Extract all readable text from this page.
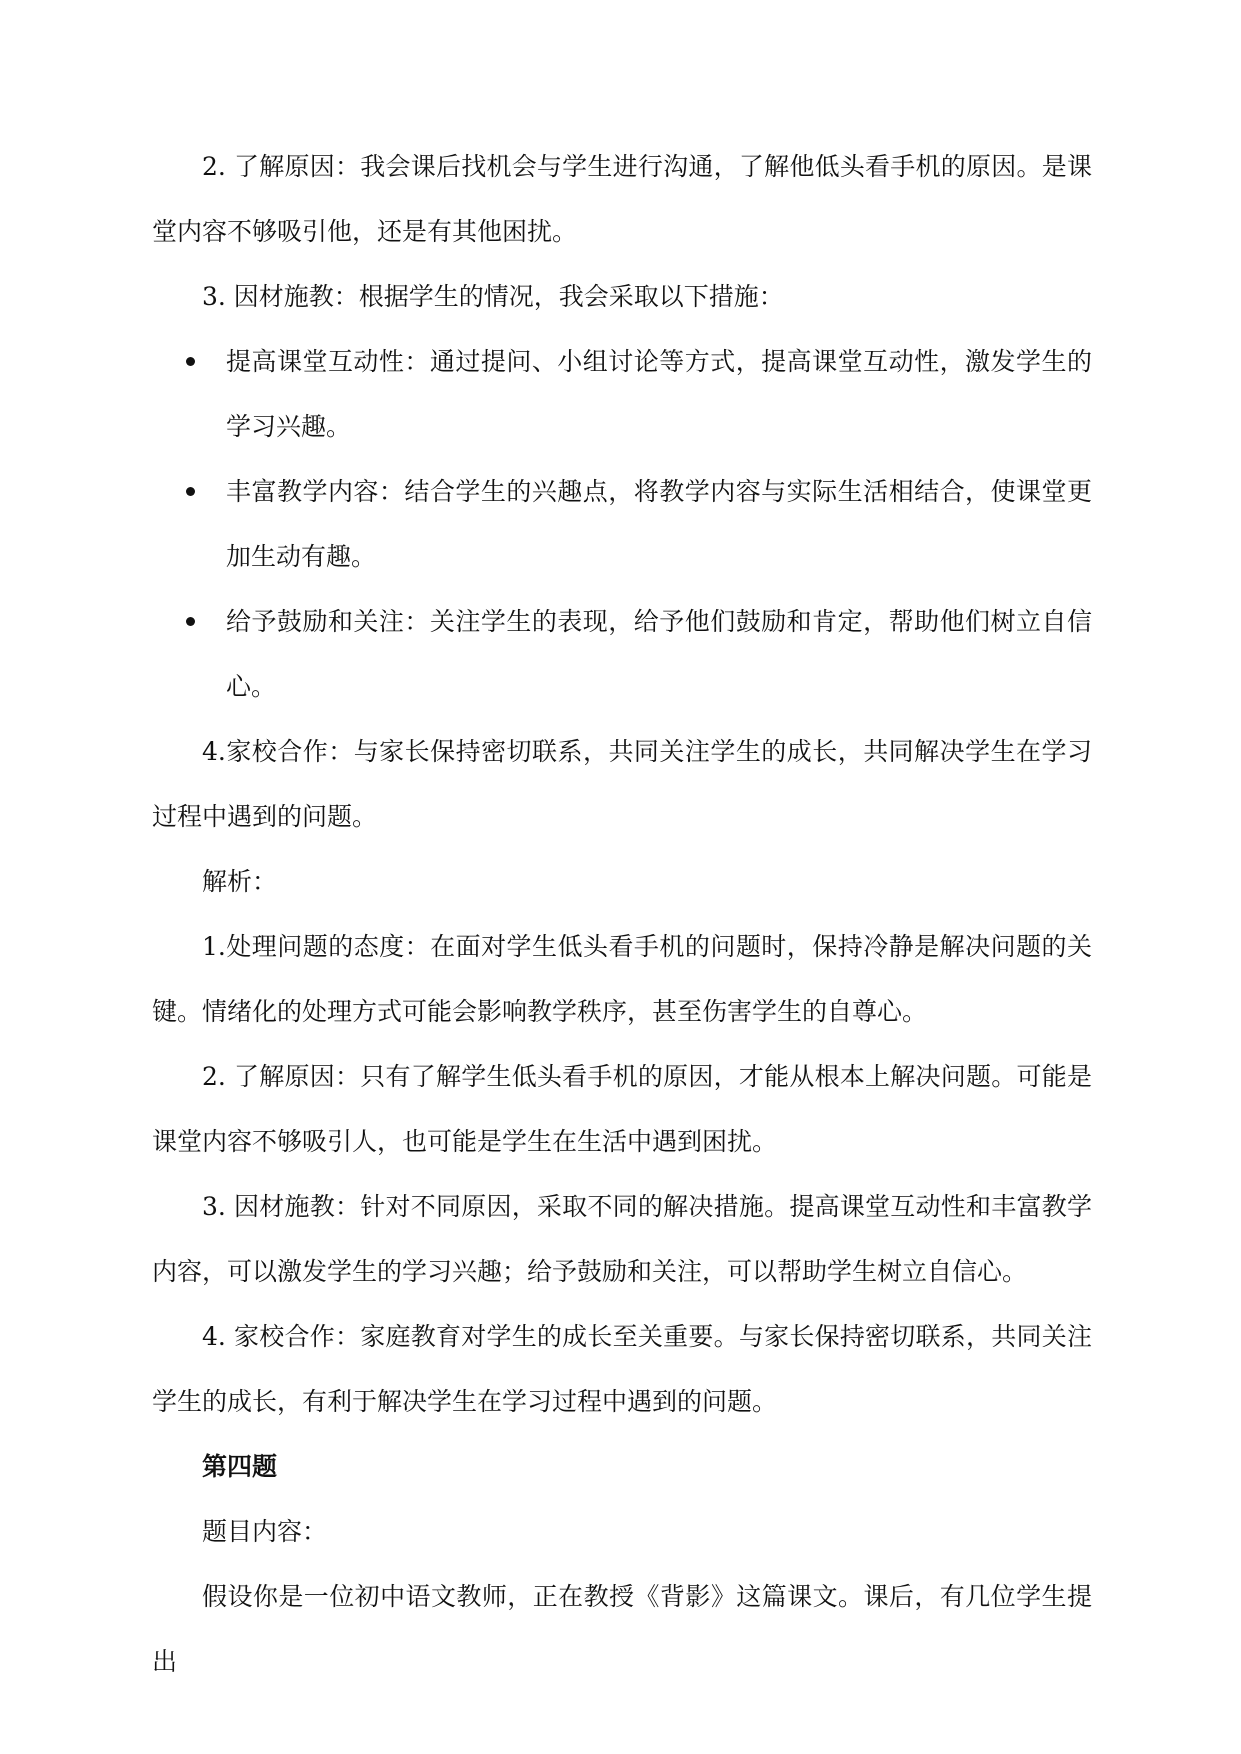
2. 了解原因：我会课后找机会与学生进行沟通，了解他低头看手机的原因。是课堂内容不够吸引他，还是有其他困扰。

3. 因材施教：根据学生的情况，我会采取以下措施：

提高课堂互动性：通过提问、小组讨论等方式，提高课堂互动性，激发学生的学习兴趣。
丰富教学内容：结合学生的兴趣点，将教学内容与实际生活相结合，使课堂更加生动有趣。
给予鼓励和关注：关注学生的表现，给予他们鼓励和肯定，帮助他们树立自信心。

4.家校合作：与家长保持密切联系，共同关注学生的成长，共同解决学生在学习过程中遇到的问题。

解析：

1.处理问题的态度：在面对学生低头看手机的问题时，保持冷静是解决问题的关键。情绪化的处理方式可能会影响教学秩序，甚至伤害学生的自尊心。

2. 了解原因：只有了解学生低头看手机的原因，才能从根本上解决问题。可能是课堂内容不够吸引人，也可能是学生在生活中遇到困扰。

3. 因材施教：针对不同原因，采取不同的解决措施。提高课堂互动性和丰富教学内容，可以激发学生的学习兴趣；给予鼓励和关注，可以帮助学生树立自信心。

4. 家校合作：家庭教育对学生的成长至关重要。与家长保持密切联系，共同关注学生的成长，有利于解决学生在学习过程中遇到的问题。

第四题

题目内容：

假设你是一位初中语文教师，正在教授《背影》这篇课文。课后，有几位学生提出
